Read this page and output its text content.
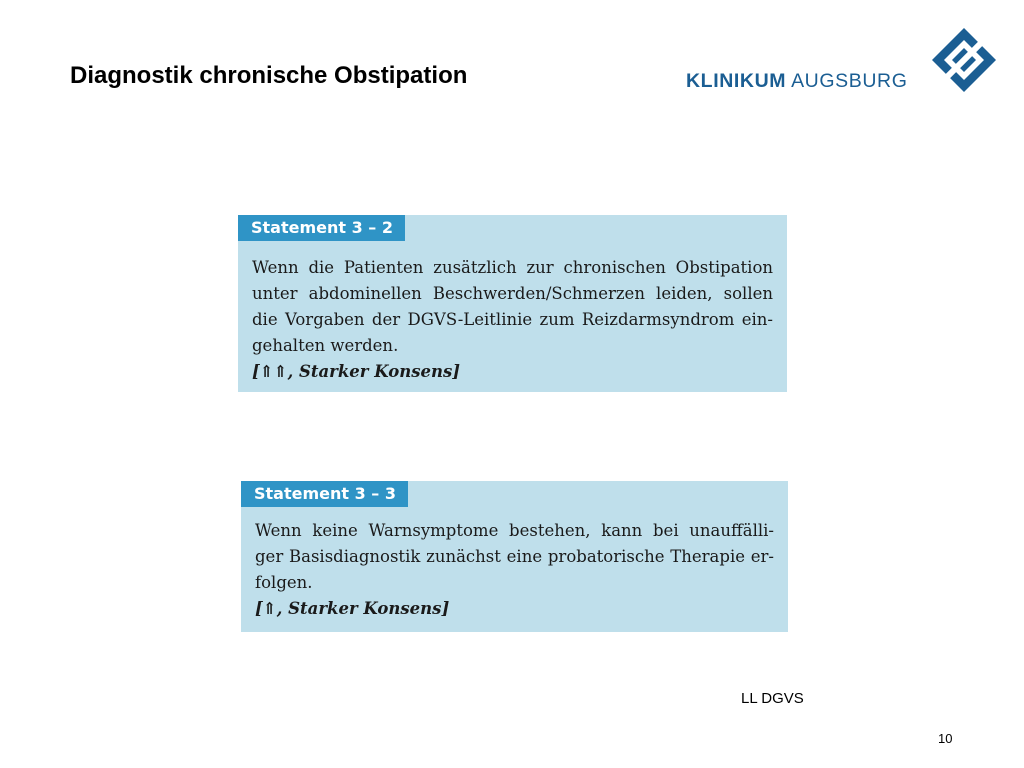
Diagnostik chronische Obstipation	KLINIKUM AUGSBURG
Statement 3 – 2
Wenn die Patienten zusätzlich zur chronischen Obstipation
unter abdominellen Beschwerden/Schmerzen leiden, sollen
die Vorgaben der DGVS-Leitlinie zum Reizdarmsyndrom ein-
gehalten werden.
[⇑⇑, Starker Konsens]
Statement 3 – 3
Wenn keine Warnsymptome bestehen, kann bei unauffälli-
ger Basisdiagnostik zunächst eine probatorische Therapie er-
folgen.
[⇑, Starker Konsens]
LL DGVS
10
